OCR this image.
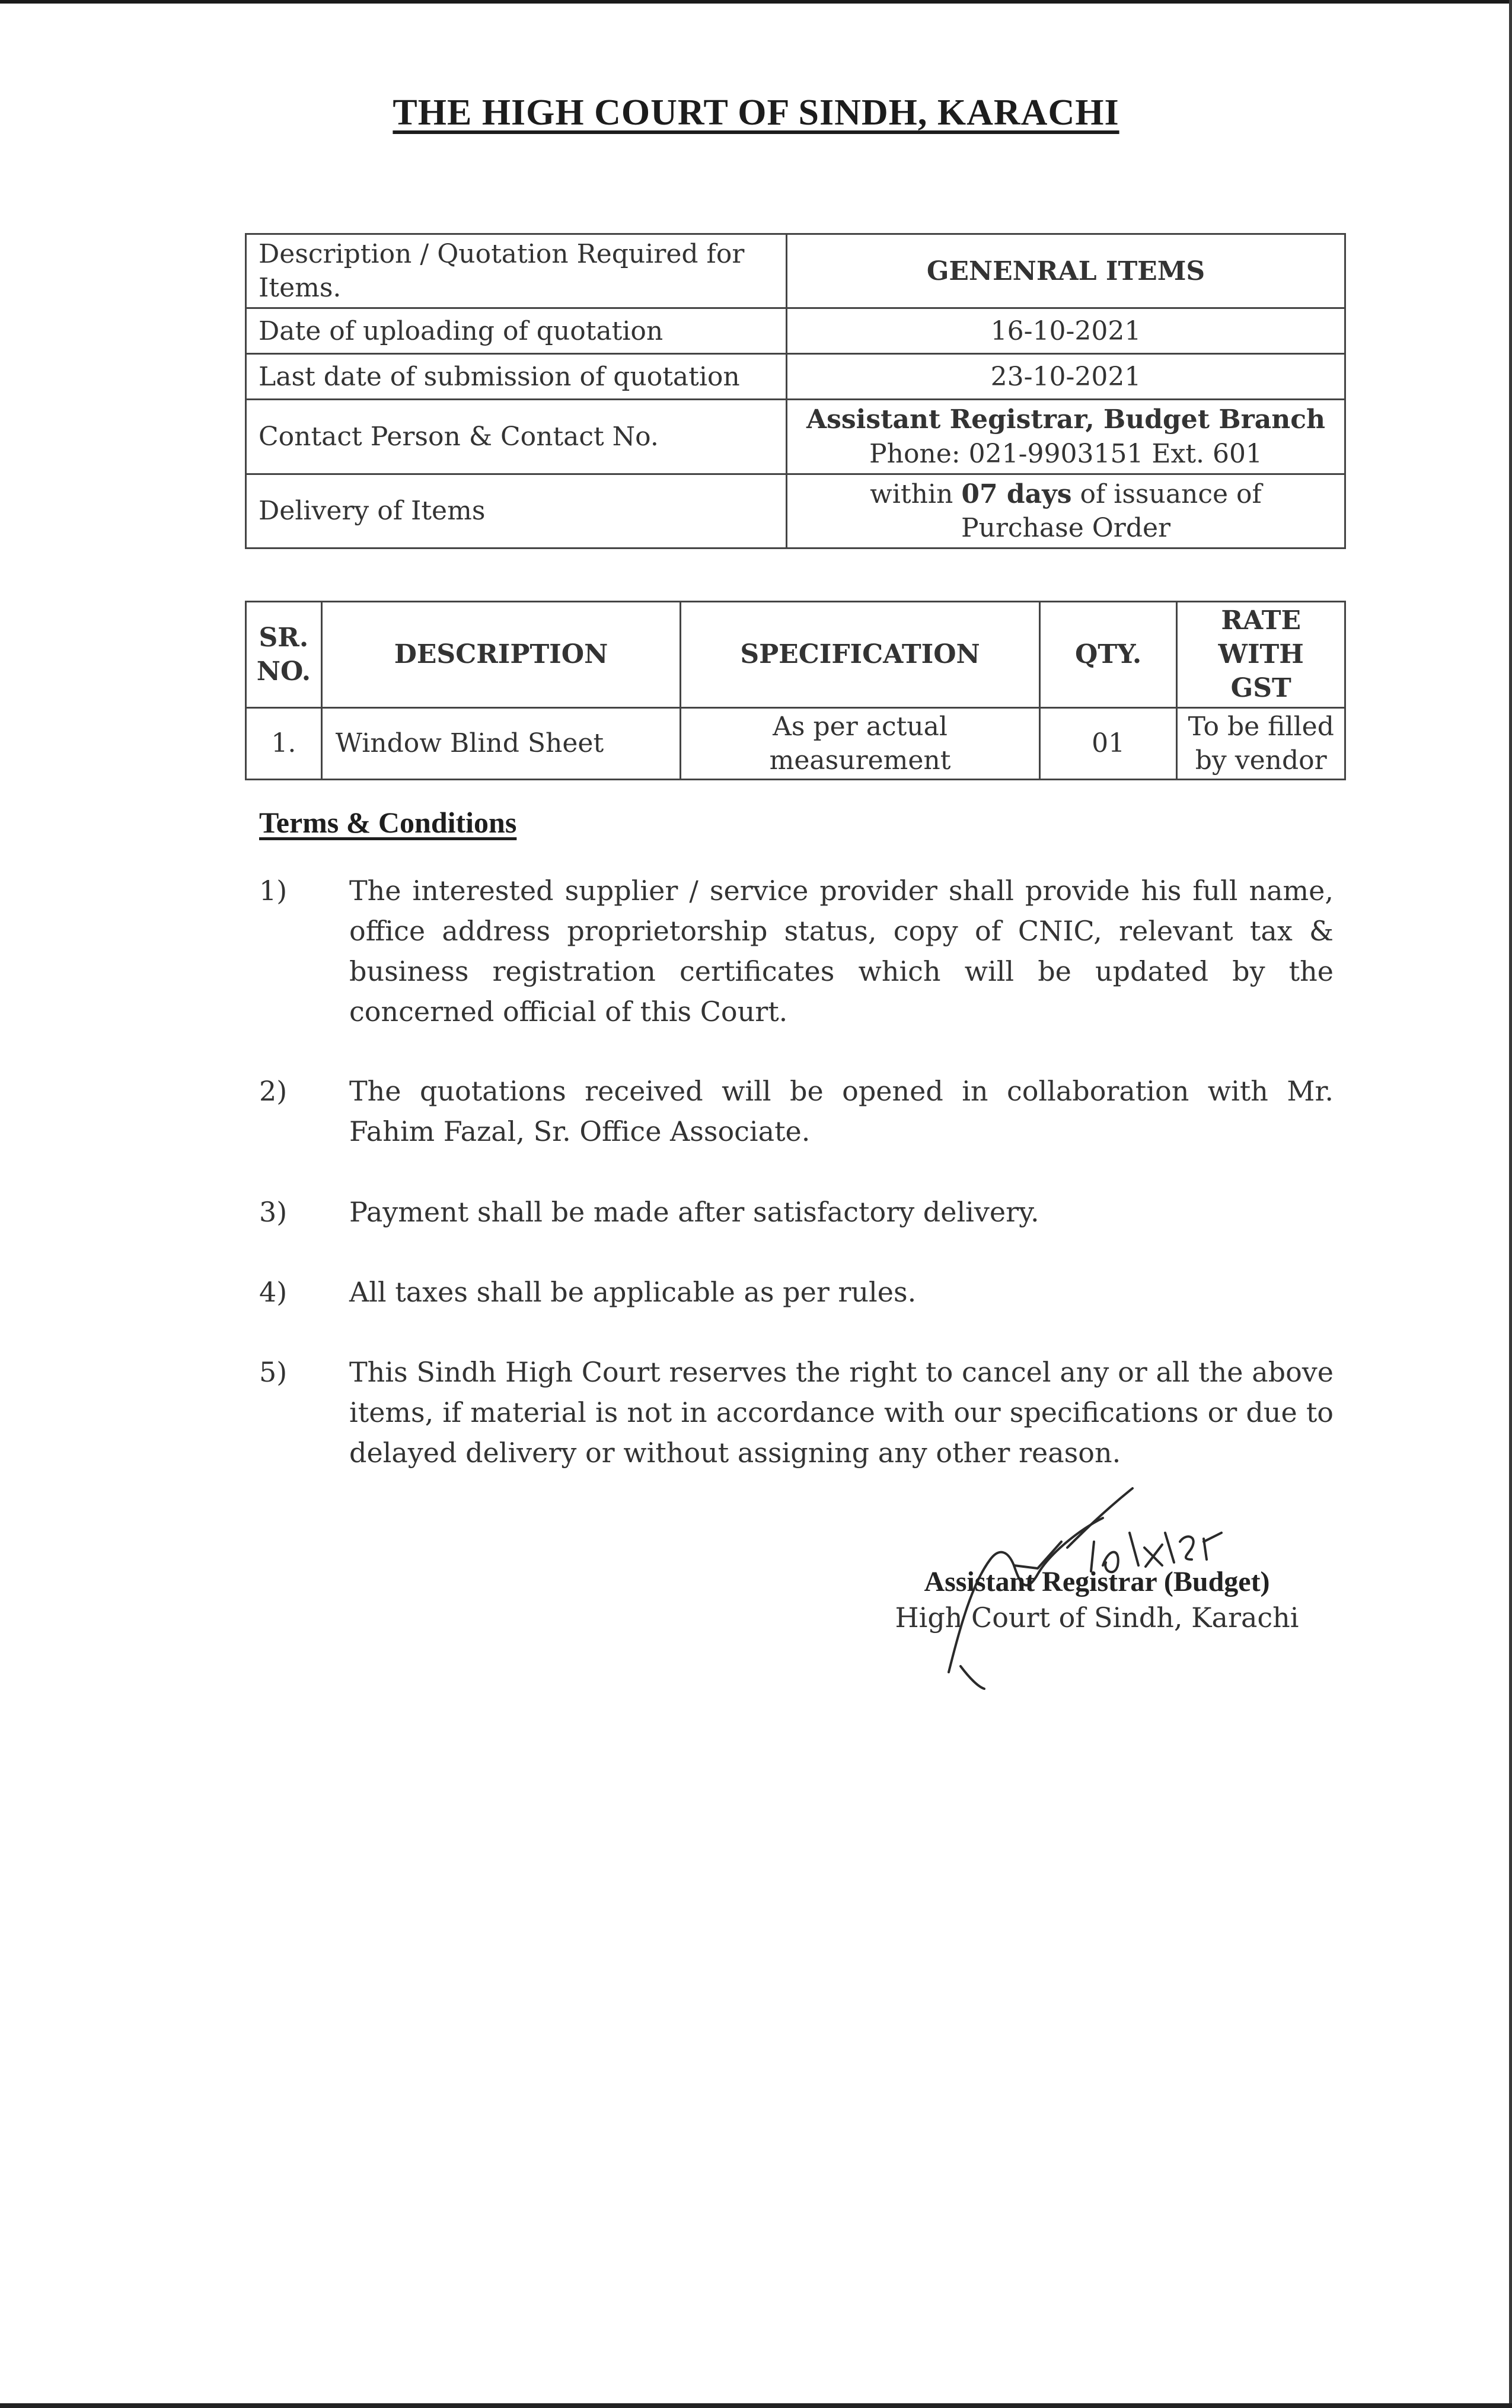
THE HIGH COURT OF SINDH, KARACHI
Description / Quotation Required for Items.	GENENRAL ITEMS
Date of uploading of quotation	16-10-2021
Last date of submission of quotation	23-10-2021
Contact Person & Contact No.	Assistant Registrar, Budget Branch
Phone: 021-9903151 Ext. 601

Delivery of Items	within 07 days of issuance of
Purchase Order
SR. NO.	DESCRIPTION	SPECIFICATION	QTY.	RATE WITH GST
1.	Window Blind Sheet	As per actual measurement	01	To be filled by vendor
Terms & Conditions
1) The interested supplier / service provider shall provide his full name, office address proprietorship status, copy of CNIC, relevant tax & business registration certificates which will be updated by the concerned official of this Court.
2) The quotations received will be opened in collaboration with Mr. Fahim Fazal, Sr. Office Associate.
3) Payment shall be made after satisfactory delivery.
4) All taxes shall be applicable as per rules.
5) This Sindh High Court reserves the right to cancel any or all the above items, if material is not in accordance with our specifications or due to delayed delivery or without assigning any other reason.
14/x/21
Assistant Registrar (Budget)
High Court of Sindh, Karachi
